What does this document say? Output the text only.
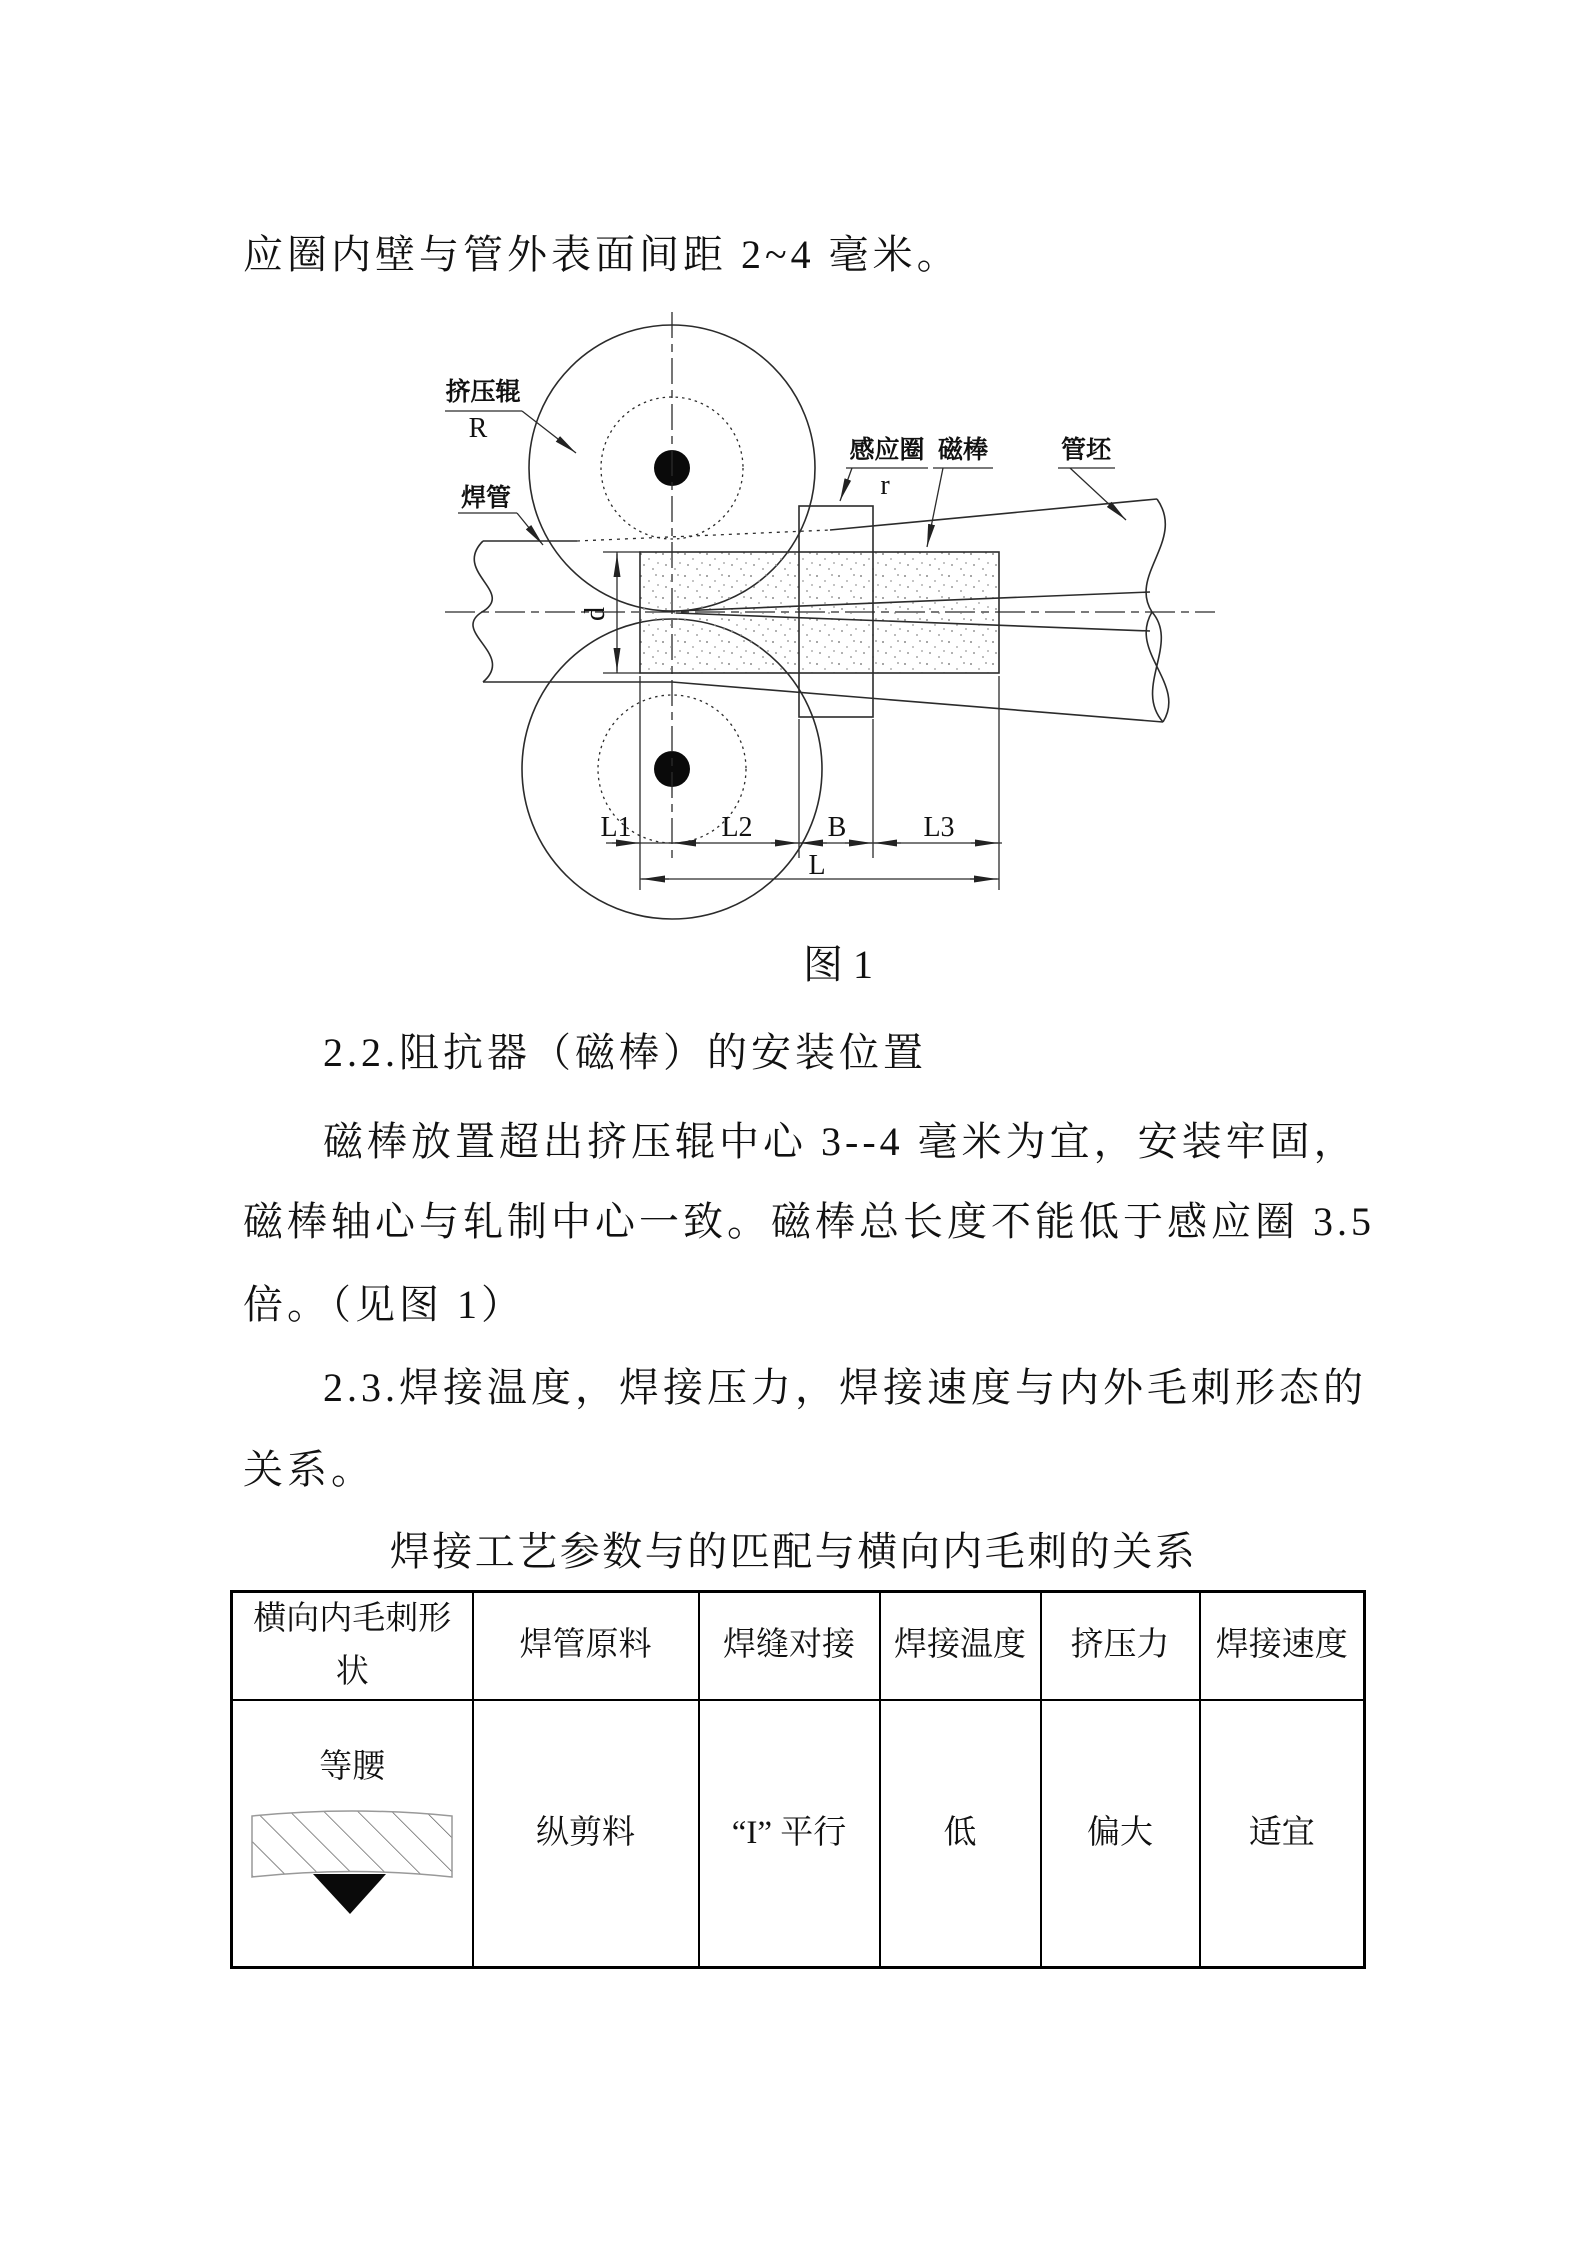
应圈内壁与管外表面间距 2~4 毫米。
2.2.阻抗器（磁棒）的安装位置
磁棒放置超出挤压辊中心 3--4 毫米为宜，安装牢固，
磁棒轴心与轧制中心一致。磁棒总长度不能低于感应圈 3.5
倍。（见图 1）
2.3.焊接温度，焊接压力，焊接速度与内外毛刺形态的
关系。
焊接工艺参数与的匹配与横向内毛刺的关系
d
L1	L2	B	L3
L
挤压辊
R
焊管
感应圈
r
磁棒	管坯
图 1
横向内毛刺形状	焊管原料	焊缝对接	焊接温度	挤压力	焊接速度

等腰	纵剪料	“I” 平行	低	偏大	适宜
